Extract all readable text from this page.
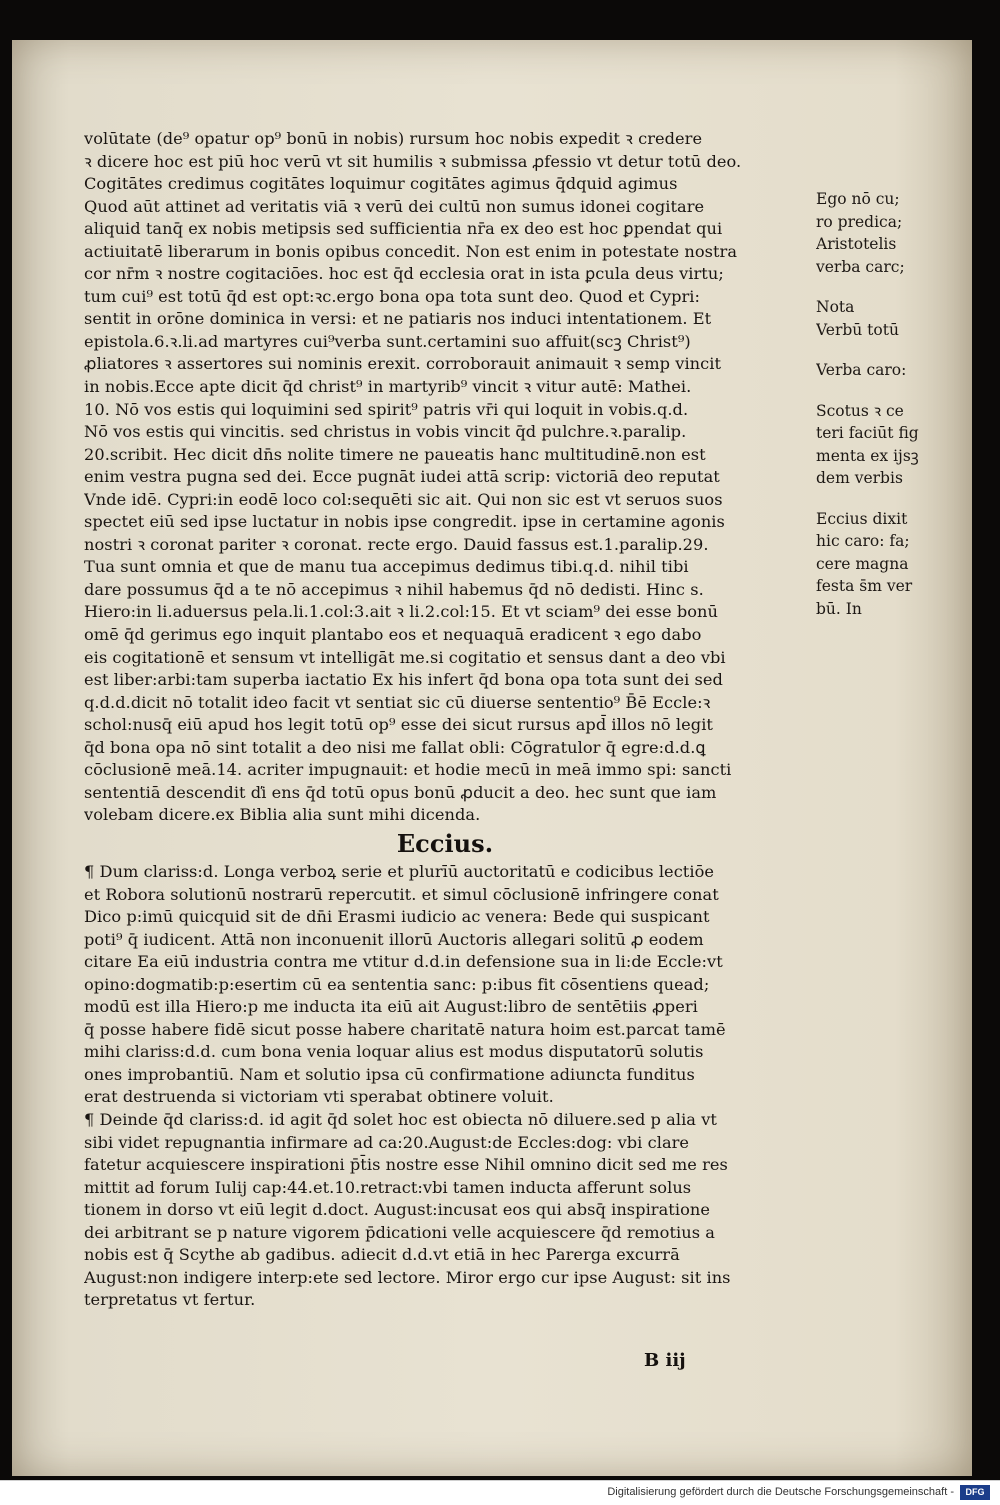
volūtate (de⁹ opatur op⁹ bonū in nobis) rursum hoc nobis expedit ꝛ credere
ꝛ dicere hoc est piū hoc verū vt sit humilis ꝛ submissa ꝓfessio vt detur totū deo.
Cogitātes credimus cogitātes loquimur cogitātes agimus q̄dquid agimus
Quod aūt attinet ad veritatis viā ꝛ verū dei cultū non sumus idonei cogitare
aliquid tanq̄ ex nobis metipsis sed sufficientia nr̄a ex deo est hoc ꝑpendat qui
actiuitatē liberarum in bonis opibus concedit. Non est enim in potestate nostra
cor nr̄m ꝛ nostre cogitaciōes. hoc est q̄d ecclesia orat in ista ꝑcula deus virtu;
tum cui⁹ est totū q̄d est opt:ꝛc.ergo bona opa tota sunt deo. Quod et Cypri:
sentit in orōne dominica in versi: et ne patiaris nos induci intentationem. Et
epistola.6.ꝛ.li.ad martyres cui⁹verba sunt.certamini suo affuit(scꝫ Christ⁹)
ꝓliatores ꝛ assertores sui nominis erexit. corroborauit animauit ꝛ semp vincit
in nobis.Ecce apte dicit q̄d christ⁹ in martyrib⁹ vincit ꝛ vitur autē: Mathei.
10. Nō vos estis qui loquimini sed spirit⁹ patris vr̄i qui loquit in vobis.q.d.
Nō vos estis qui vincitis. sed christus in vobis vincit q̄d pulchre.ꝛ.paralip.
20.scribit. Hec dicit dn̄s nolite timere ne paueatis hanc multitudinē.non est
enim vestra pugna sed dei. Ecce pugnāt iudei attā scrip: victoriā deo reputat
Vnde idē. Cypri:in eodē loco col:sequēti sic ait. Qui non sic est vt seruos suos
spectet eiū sed ipse luctatur in nobis ipse congredit. ipse in certamine agonis
nostri ꝛ coronat pariter ꝛ coronat. recte ergo. Dauid fassus est.1.paralip.29.
Tua sunt omnia et que de manu tua accepimus dedimus tibi.q.d. nihil tibi
dare possumus q̄d a te nō accepimus ꝛ nihil habemus q̄d nō dedisti. Hinc s.
Hiero:in li.aduersus pela.li.1.col:3.ait ꝛ li.2.col:15. Et vt sciam⁹ dei esse bonū
omē q̄d gerimus ego inquit plantabo eos et nequaquā eradicent ꝛ ego dabo
eis cogitationē et sensum vt intelligāt me.si cogitatio et sensus dant a deo vbi
est liber:arbi:tam superba iactatio Ex his infert q̄d bona opa tota sunt dei sed
q.d.d.dicit nō totalit ideo facit vt sentiat sic cū diuerse sententio⁹ B̄ē Eccle:ꝛ
schol:nusq̄ eiū apud hos legit totū op⁹ esse dei sicut rursus apd̄ illos nō legit
q̄d bona opa nō sint totalit a deo nisi me fallat obli: Cōgratulor q̄ egre:d.d.ꝗ
cōclusionē meā.14. acriter impugnauit: et hodie mecū in meā immo spi: sancti
sententiā descendit ďi ens q̄d totū opus bonū ꝓducit a deo. hec sunt que iam
volebam dicere.ex Biblia alia sunt mihi dicenda.
Eccius.
¶ Dum clariss:d. Longa verboꝝ serie et plurīū auctoritatū e codicibus lectiōe
et Robora solutionū nostrarū repercutit. et simul cōclusionē infringere conat
Dico p:imū quicquid sit de dn̄i Erasmi iudicio ac venera: Bede qui suspicant
poti⁹ q̄ iudicent. Attā non inconuenit illorū Auctoris allegari solitū ꝓ eodem
citare Ea eiū industria contra me vtitur d.d.in defensione sua in li:de Eccle:vt
opino:dogmatib:p:esertim cū ea sententia sanc: p:ibus fit cōsentiens quead;
modū est illa Hiero:p me inducta ita eiū ait August:libro de sentētiis ꝓperi
q̄ posse habere fidē sicut posse habere charitatē natura hoim est.parcat tamē
mihi clariss:d.d. cum bona venia loquar alius est modus disputatorū solutis
ones improbantiū. Nam et solutio ipsa cū confirmatione adiuncta funditus
erat destruenda si victoriam vti sperabat obtinere voluit.
¶ Deinde q̄d clariss:d. id agit q̄d solet hoc est obiecta nō diluere.sed p alia vt
sibi videt repugnantia infirmare ad ca:20.August:de Eccles:dog: vbi clare
fatetur acquiescere inspirationi p̄t̄is nostre esse Nihil omnino dicit sed me res
mittit ad forum Iulij cap:44.et.10.retract:vbi tamen inducta afferunt solus
tionem in dorso vt eiū legit d.doct. August:incusat eos qui absq̄ inspiratione
dei arbitrant se p nature vigorem p̄dicationi velle acquiescere q̄d remotius a
nobis est q̄ Scythe ab gadibus. adiecit d.d.vt etiā in hec Parerga excurrā
August:non indigere interp:ete sed lectore. Miror ergo cur ipse August: sit ins
terpretatus vt fertur.
Ego nō cu;
ro predica;
Aristotelis
verba carc;
Nota
Verbū totū
Verba caro:
Scotus ꝛ ce
teri faciūt fig
menta ex ijsꝫ
dem verbis
Eccius dixit
hic caro: fa;
cere magna
festa s̄m ver
bū. In
B iij
Digitalisierung gefördert durch die Deutsche Forschungsgemeinschaft -	DFG
